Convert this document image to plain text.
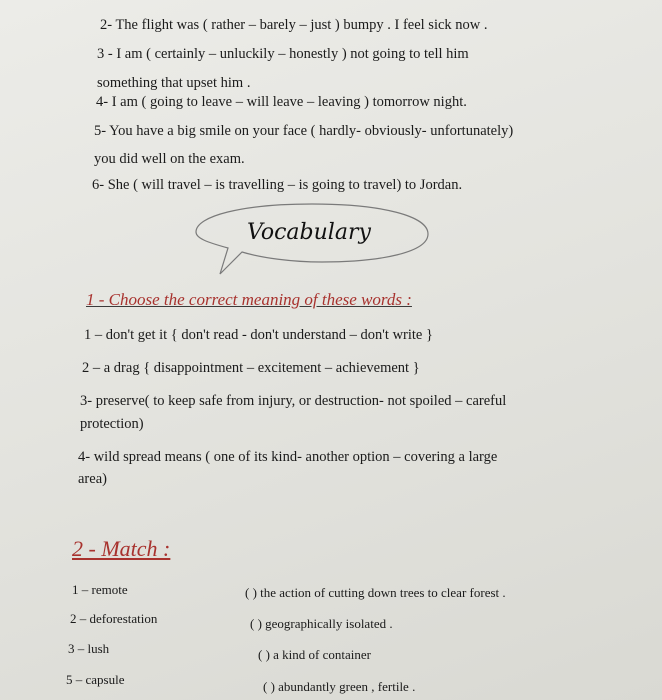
2- The flight was ( rather – barely – just ) bumpy . I feel sick now .
3 - I am ( certainly – unluckily – honestly ) not going to tell him
something that upset him .
4- I am ( going to leave – will leave – leaving ) tomorrow night.
5- You have a big smile on your face ( hardly- obviously- unfortunately)
you did well on the exam.
6- She ( will travel – is travelling – is going to travel) to Jordan.
Vocabulary
1 - Choose the correct meaning of these words :
1 – don't get it { don't read - don't understand – don't write }
2 – a drag { disappointment – excitement – achievement }
3- preserve( to keep safe from injury, or destruction- not spoiled – careful
protection)
4- wild spread means ( one of its kind- another option – covering a large
area)
2 - Match :
1 – remote
2 – deforestation
3 – lush
5 – capsule
( ) the action of cutting down trees to clear forest .
( ) geographically isolated .
( ) a kind of container
( ) abundantly green , fertile .
